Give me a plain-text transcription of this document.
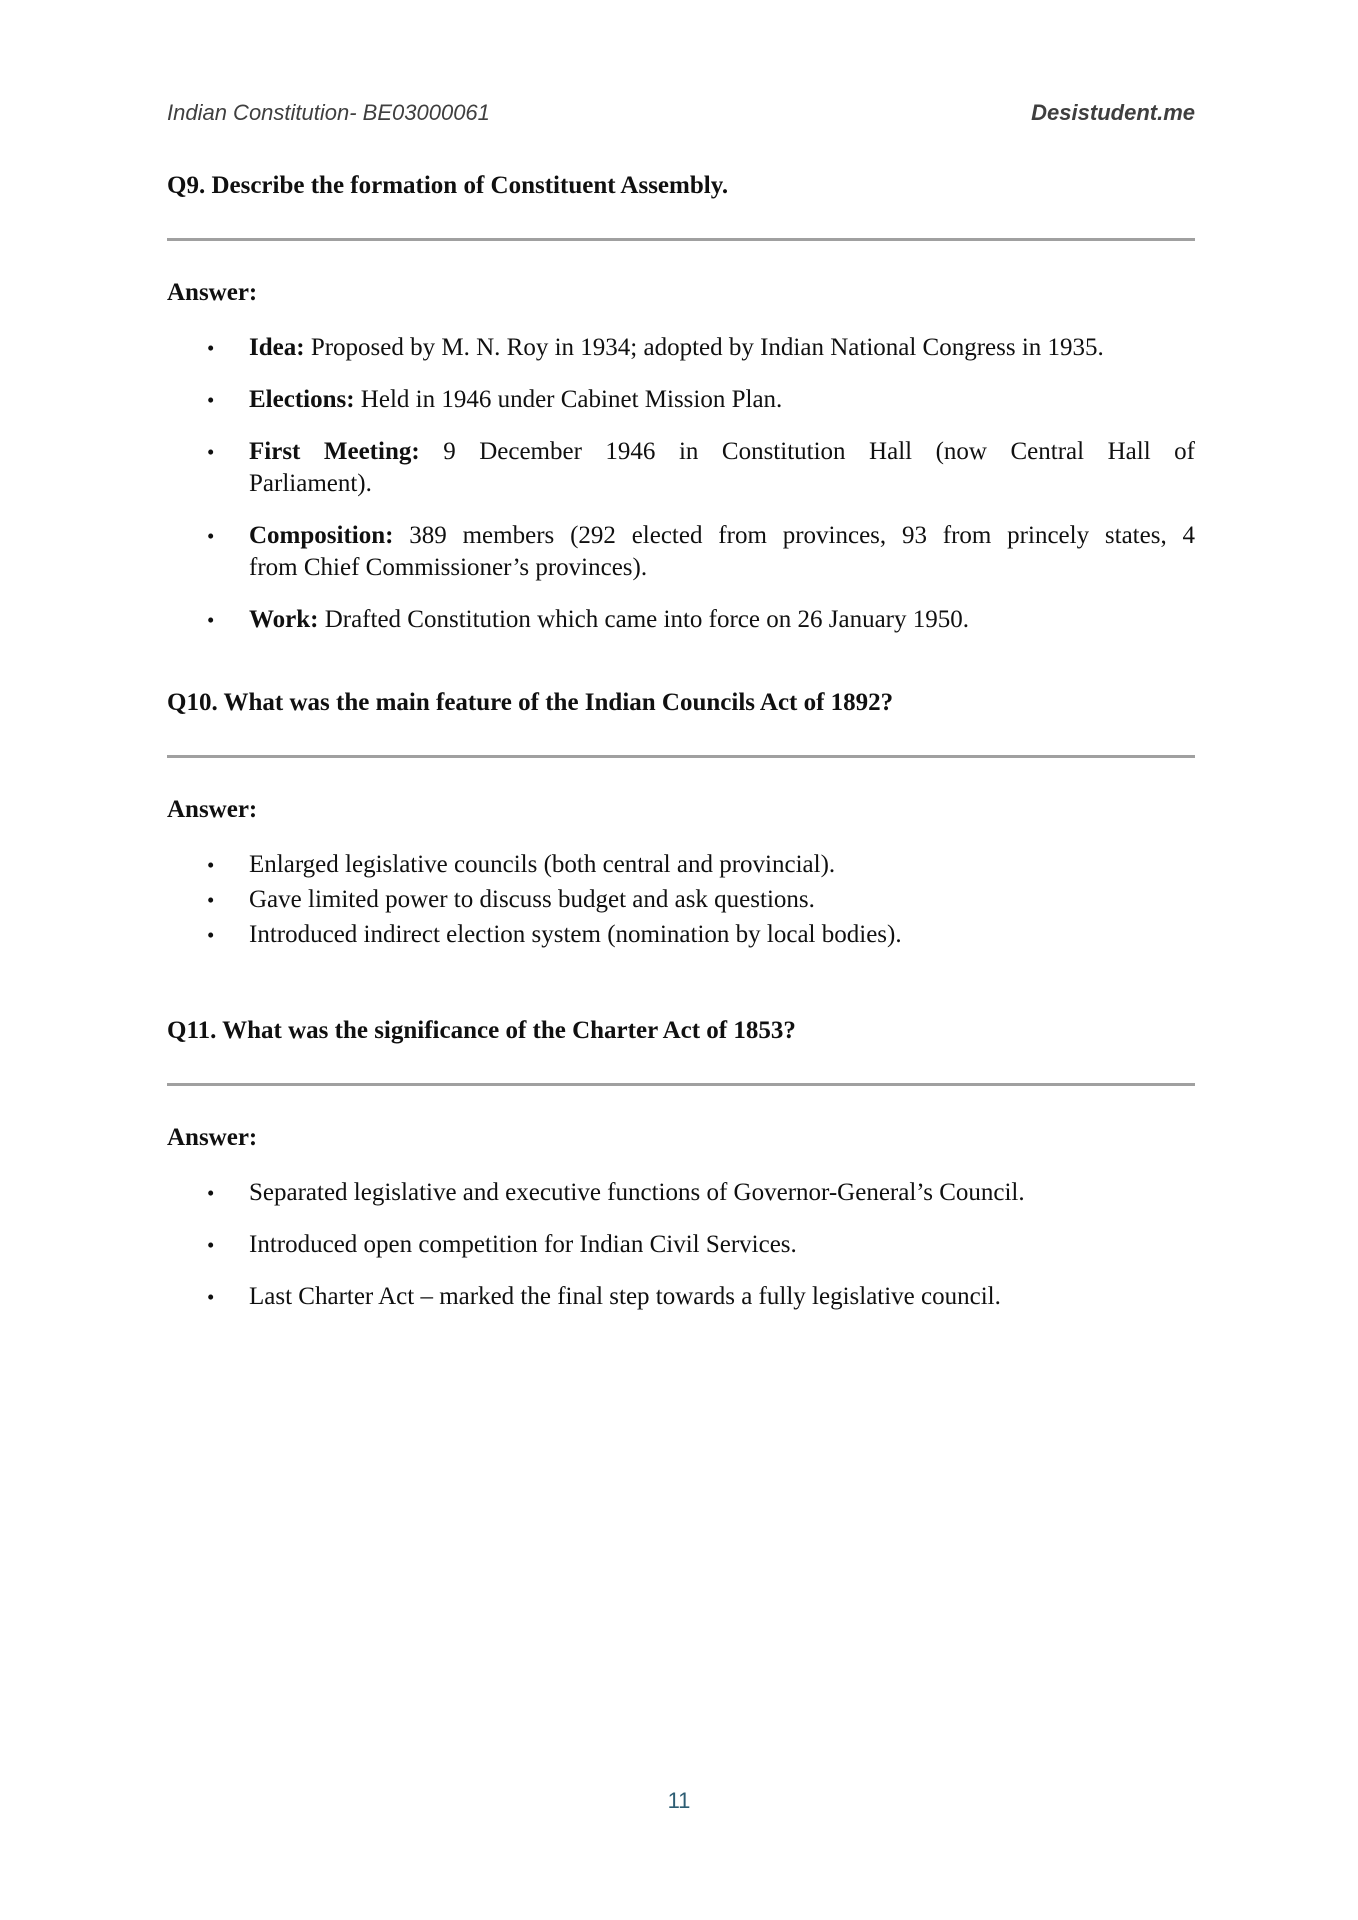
Indian Constitution- BE03000061	Desistudent.me
Q9. Describe the formation of Constituent Assembly.

Answer:

•	Idea: Proposed by M. N. Roy in 1934; adopted by Indian National Congress in 1935.
•	Elections: Held in 1946 under Cabinet Mission Plan.
•	First Meeting: 9 December 1946 in Constitution Hall (now Central Hall of
Parliament).
•	Composition: 389 members (292 elected from provinces, 93 from princely states, 4
from Chief Commissioner’s provinces).
•	Work: Drafted Constitution which came into force on 26 January 1950.
Q10. What was the main feature of the Indian Councils Act of 1892?

Answer:

•	Enlarged legislative councils (both central and provincial).
•	Gave limited power to discuss budget and ask questions.
•	Introduced indirect election system (nomination by local bodies).
Q11. What was the significance of the Charter Act of 1853?

Answer:

•	Separated legislative and executive functions of Governor-General’s Council.
•	Introduced open competition for Indian Civil Services.
•	Last Charter Act – marked the final step towards a fully legislative council.
11
